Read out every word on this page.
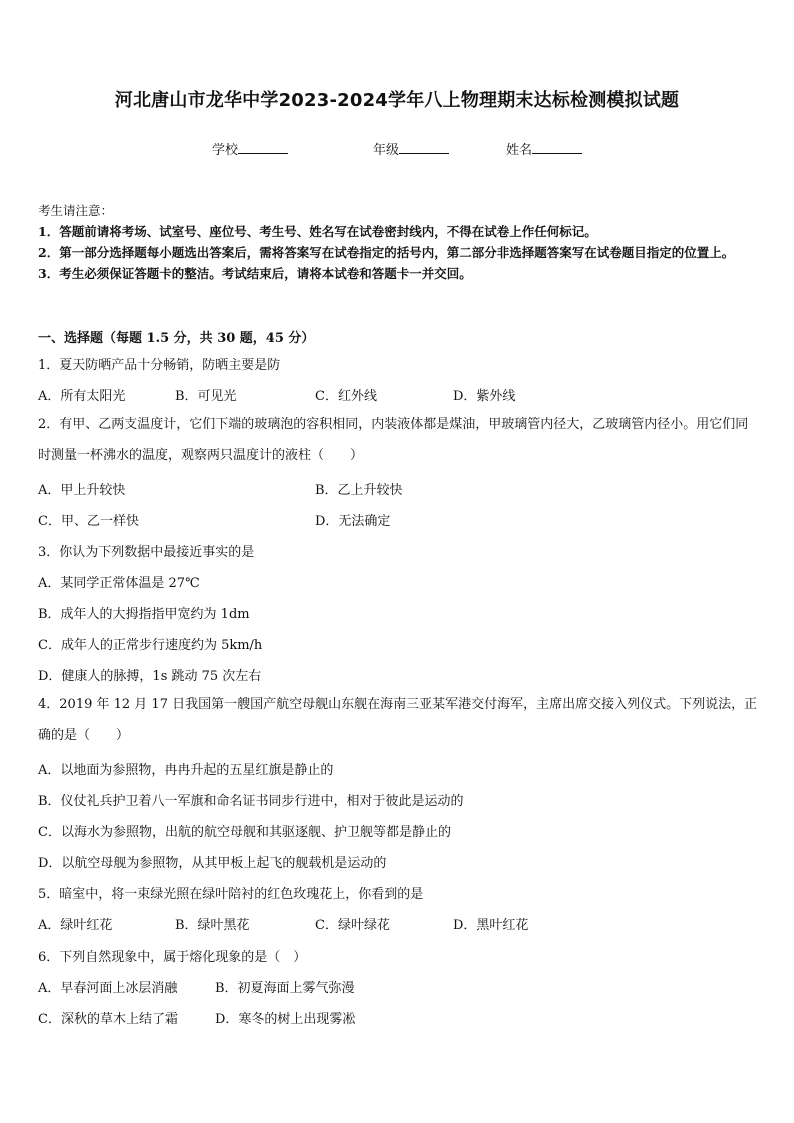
河北唐山市龙华中学2023-2024学年八上物理期末达标检测模拟试题
学校	年级	姓名
考生请注意：
1．答题前请将考场、试室号、座位号、考生号、姓名写在试卷密封线内，不得在试卷上作任何标记。
2．第一部分选择题每小题选出答案后，需将答案写在试卷指定的括号内，第二部分非选择题答案写在试卷题目指定的位置上。
3．考生必须保证答题卡的整洁。考试结束后，请将本试卷和答题卡一并交回。
一、选择题（每题 1.5 分，共 30 题，45 分）
1．夏天防晒产品十分畅销，防晒主要是防
A．所有太阳光	B．可见光	C．红外线	D．紫外线
2．有甲、乙两支温度计，它们下端的玻璃泡的容积相同，内装液体都是煤油，甲玻璃管内径大，乙玻璃管内径小。用它们同时测量一杯沸水的温度，观察两只温度计的液柱（　　）
A．甲上升较快	B．乙上升较快
C．甲、乙一样快	D．无法确定
3．你认为下列数据中最接近事实的是
A．某同学正常体温是 27℃
B．成年人的大拇指指甲宽约为 1dm
C．成年人的正常步行速度约为 5km/h
D．健康人的脉搏，1s 跳动 75 次左右
4．2019 年 12 月 17 日我国第一艘国产航空母舰山东舰在海南三亚某军港交付海军，主席出席交接入列仪式。下列说法，正确的是（　　）
A．以地面为参照物，冉冉升起的五星红旗是静止的
B．仪仗礼兵护卫着八一军旗和命名证书同步行进中，相对于彼此是运动的
C．以海水为参照物，出航的航空母舰和其驱逐舰、护卫舰等都是静止的
D．以航空母舰为参照物，从其甲板上起飞的舰载机是运动的
5．暗室中，将一束绿光照在绿叶陪衬的红色玫瑰花上，你看到的是
A．绿叶红花	B．绿叶黑花	C．绿叶绿花	D．黑叶红花
6．下列自然现象中，属于熔化现象的是（　）
A．早春河面上冰层消融	B．初夏海面上雾气弥漫
C．深秋的草木上结了霜	D．寒冬的树上出现雾凇
